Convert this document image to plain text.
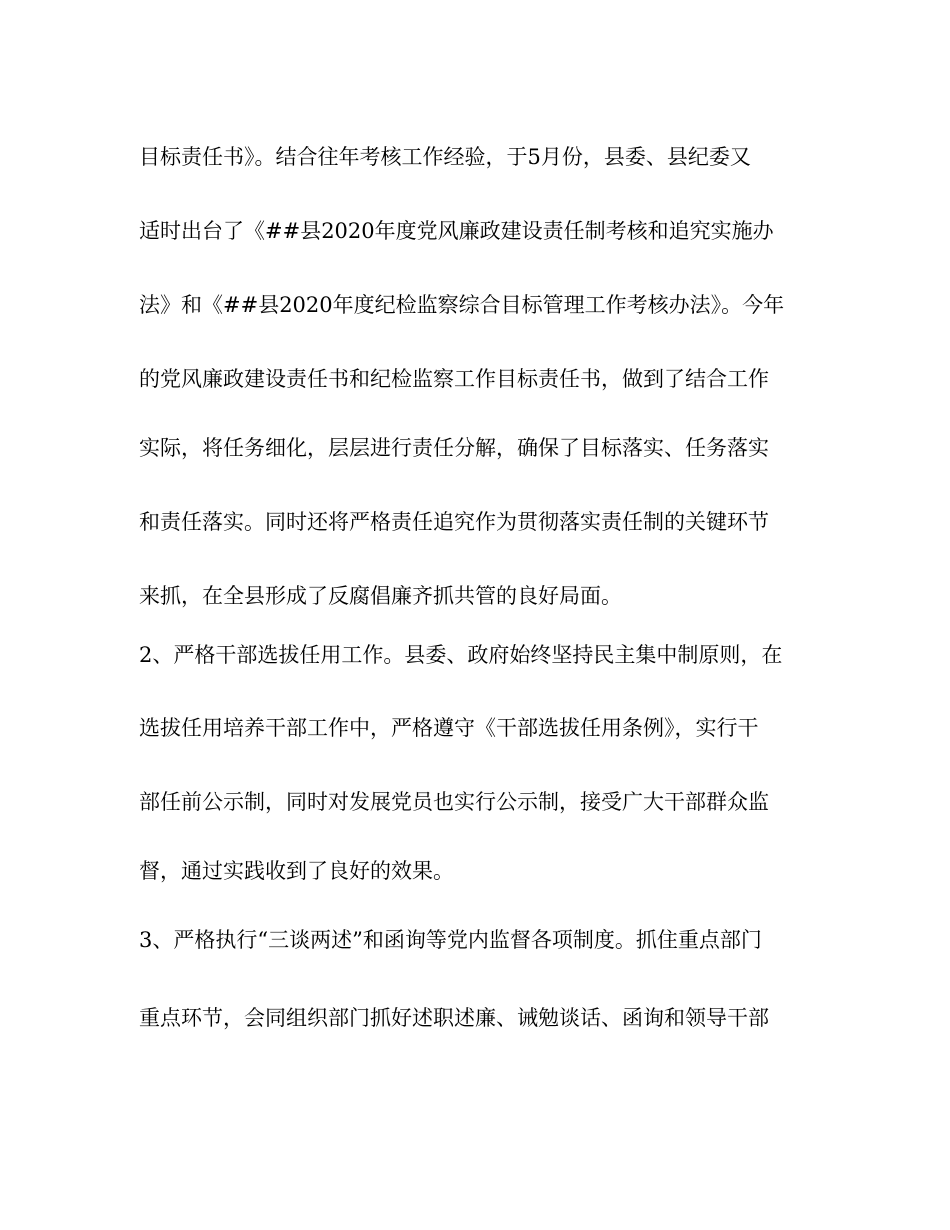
目标责任书》。结合往年考核工作经验，于5月份，县委、县纪委又
适时出台了《##县2020年度党风廉政建设责任制考核和追究实施办
法》和《##县2020年度纪检监察综合目标管理工作考核办法》。今年
的党风廉政建设责任书和纪检监察工作目标责任书，做到了结合工作
实际，将任务细化，层层进行责任分解，确保了目标落实、任务落实
和责任落实。同时还将严格责任追究作为贯彻落实责任制的关键环节
来抓，在全县形成了反腐倡廉齐抓共管的良好局面。
2、严格干部选拔任用工作。县委、政府始终坚持民主集中制原则，在
选拔任用培养干部工作中，严格遵守《干部选拔任用条例》，实行干
部任前公示制，同时对发展党员也实行公示制，接受广大干部群众监
督，通过实践收到了良好的效果。
3、严格执行“三谈两述”和函询等党内监督各项制度。抓住重点部门
重点环节，会同组织部门抓好述职述廉、诫勉谈话、函询和领导干部
